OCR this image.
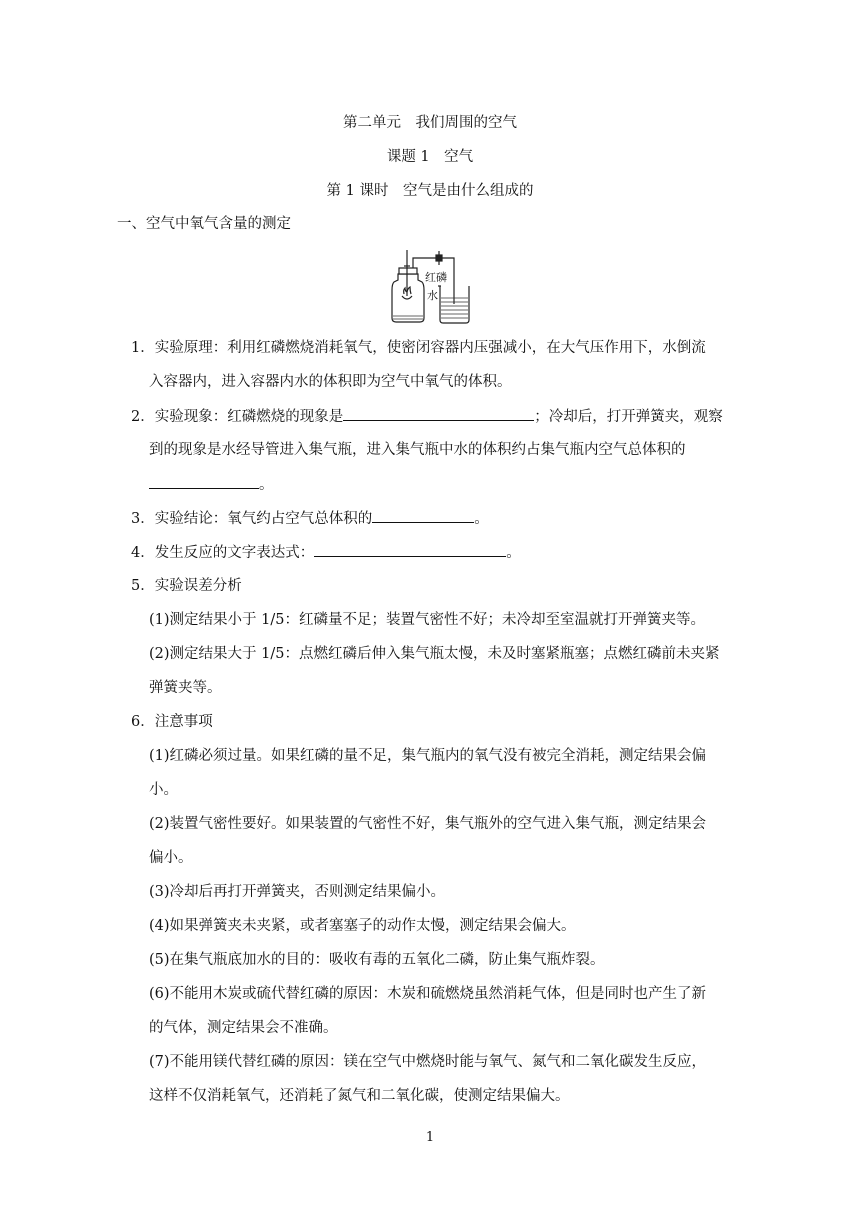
第二单元　我们周围的空气
课题 1　空气
第 1 课时　空气是由什么组成的
一、空气中氧气含量的测定
红磷
水
1．实验原理：利用红磷燃烧消耗氧气，使密闭容器内压强减小，在大气压作用下，水倒流
入容器内，进入容器内水的体积即为空气中氧气的体积。
2．实验现象：红磷燃烧的现象是	；冷却后，打开弹簧夹，观察
到的现象是水经导管进入集气瓶，进入集气瓶中水的体积约占集气瓶内空气总体积的
。
3．实验结论：氧气约占空气总体积的	。
4．发生反应的文字表达式：	。
5．实验误差分析
(1)测定结果小于 1/5：红磷量不足；装置气密性不好；未冷却至室温就打开弹簧夹等。
(2)测定结果大于 1/5：点燃红磷后伸入集气瓶太慢，未及时塞紧瓶塞；点燃红磷前未夹紧
弹簧夹等。
6．注意事项
(1)红磷必须过量。如果红磷的量不足，集气瓶内的氧气没有被完全消耗，测定结果会偏
小。
(2)装置气密性要好。如果装置的气密性不好，集气瓶外的空气进入集气瓶，测定结果会
偏小。
(3)冷却后再打开弹簧夹，否则测定结果偏小。
(4)如果弹簧夹未夹紧，或者塞塞子的动作太慢，测定结果会偏大。
(5)在集气瓶底加水的目的：吸收有毒的五氧化二磷，防止集气瓶炸裂。
(6)不能用木炭或硫代替红磷的原因：木炭和硫燃烧虽然消耗气体，但是同时也产生了新
的气体，测定结果会不准确。
(7)不能用镁代替红磷的原因：镁在空气中燃烧时能与氧气、氮气和二氧化碳发生反应，
这样不仅消耗氧气，还消耗了氮气和二氧化碳，使测定结果偏大。
1
